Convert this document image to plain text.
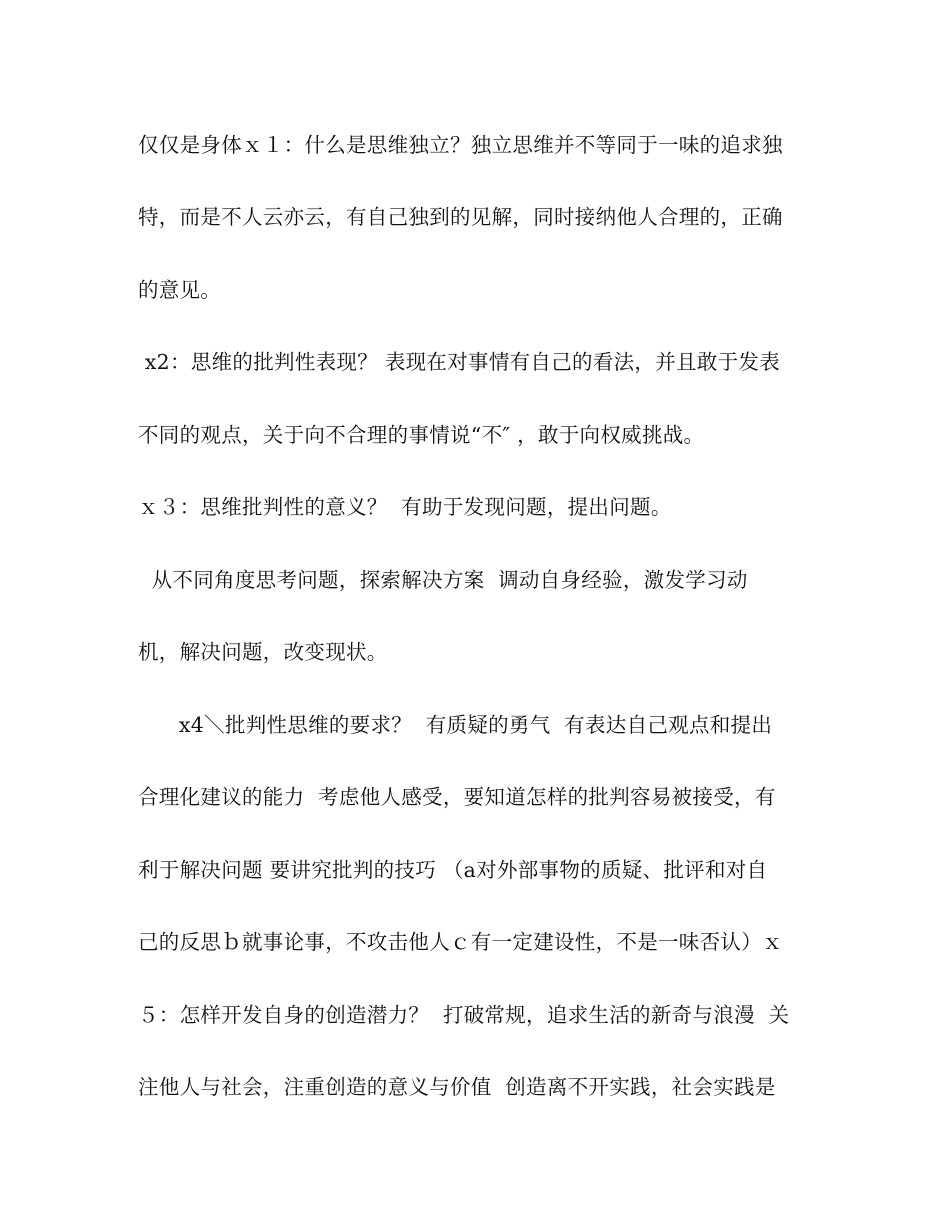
仅仅是身体ｘ１：什么是思维独立？独立思维并不等同于一味的追求独
特，而是不人云亦云，有自己独到的见解，同时接纳他人合理的，正确
的意见。
x2：思维的批判性表现？ 表现在对事情有自己的看法，并且敢于发表
不同的观点，关于向不合理的事情说“不″ ，敢于向权威挑战。
ｘ３：思维批判性的意义？  有助于发现问题，提出问题。
从不同角度思考问题，探索解决方案  调动自身经验，激发学习动
机，解决问题，改变现状。
x4＼批判性思维的要求？  有质疑的勇气  有表达自己观点和提出
合理化建议的能力  考虑他人感受，要知道怎样的批判容易被接受，有
利于解决问题 要讲究批判的技巧 （a对外部事物的质疑、批评和对自
己的反思ｂ就事论事，不攻击他人ｃ有一定建设性，不是一味否认）ｘ
５：怎样开发自身的创造潜力？  打破常规，追求生活的新奇与浪漫  关
注他人与社会，注重创造的意义与价值  创造离不开实践，社会实践是
